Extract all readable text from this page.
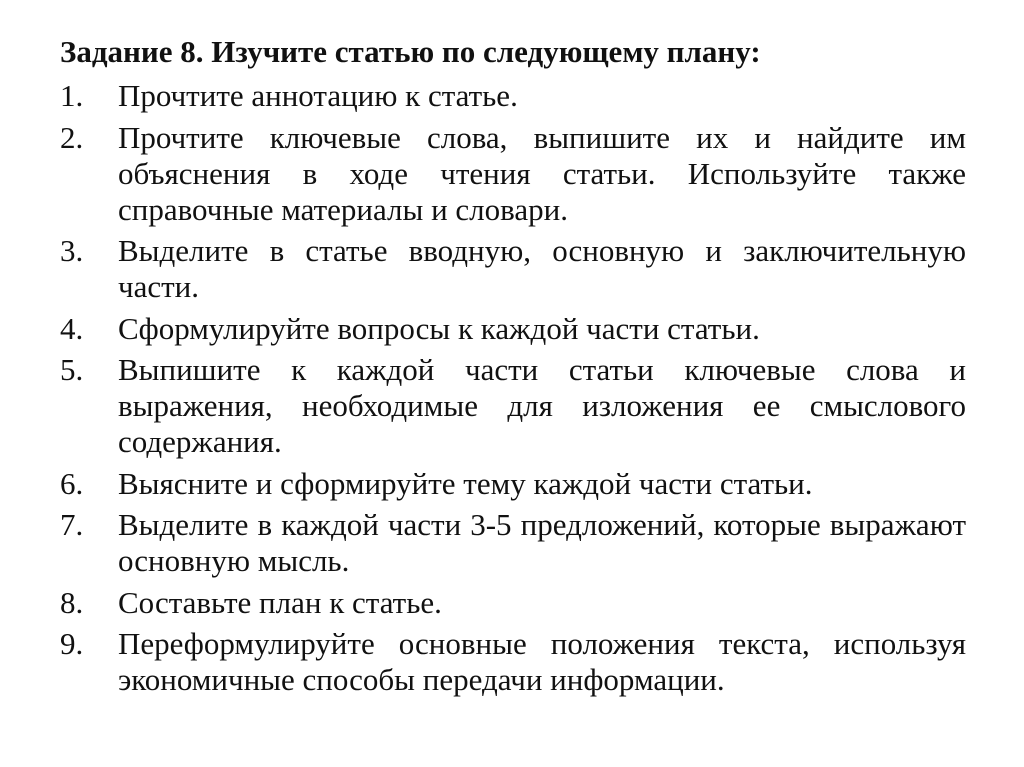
Задание 8. Изучите статью по следующему плану:
1.	Прочтите аннотацию к статье.
2.	Прочтите ключевые слова, выпишите их и найдите им объяснения в ходе чтения статьи. Используйте также справочные материалы и словари.
3.	Выделите в статье вводную, основную и заключительную части.
4.	Сформулируйте вопросы к каждой части статьи.
5.	Выпишите к каждой части статьи ключевые слова и выражения, необходимые для изложения ее смыслового содержания.
6.	Выясните и сформируйте тему каждой части статьи.
7.	Выделите в каждой части 3-5 предложений, которые выражают основную мысль.
8.	Составьте план к статье.
9.	Переформулируйте основные положения текста, используя экономичные способы передачи информации.
